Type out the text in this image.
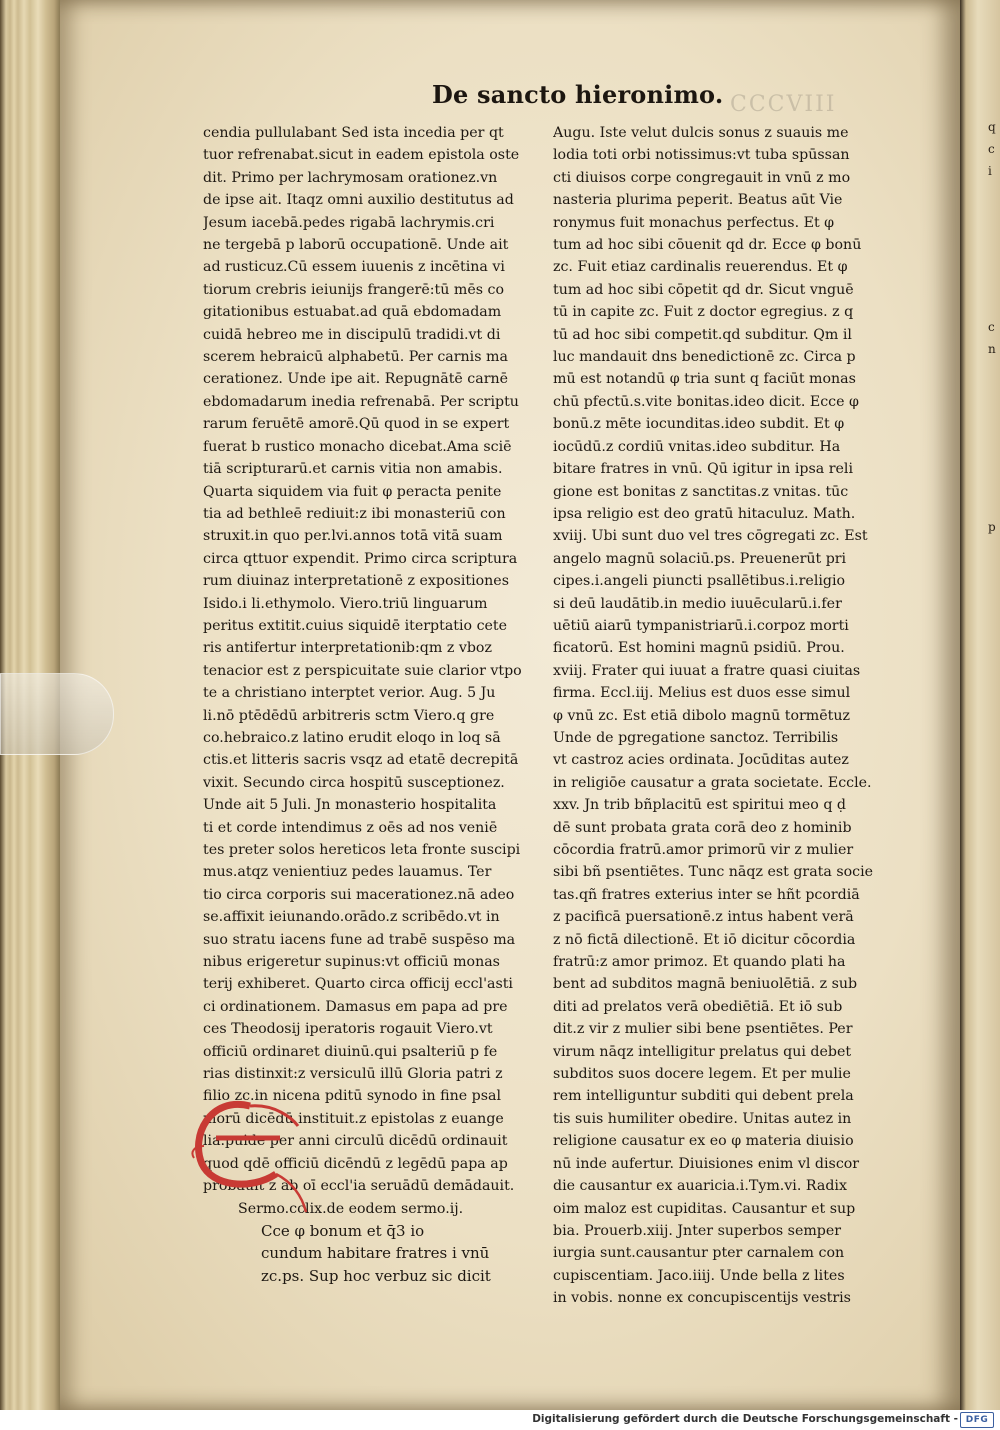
q
c
i
c
n
p
CCCVIII
De sancto hieronimo.
cendia pullulabant Sed ista incedia per qt
tuor refrenabat.sicut in eadem epistola oste
dit. Primo per lachrymosam orationez.vn
de ipse ait. Itaqz omni auxilio destitutus ad
Jesum iacebā.pedes rigabā lachrymis.cri
ne tergebā p laborū occupationē. Unde ait
ad rusticuz.Cū essem iuuenis z incētina vi
tiorum crebris ieiunijs frangerē:tū mēs co
gitationibus estuabat.ad quā ebdomadam
cuidā hebreo me in discipulū tradidi.vt di
scerem hebraicū alphabetū. Per carnis ma
cerationez. Unde ipe ait. Repugnātē carnē
ebdomadarum inedia refrenabā. Per scriptu
rarum feruētē amorē.Qū quod in se expert
fuerat b rustico monacho dicebat.Ama sciē
tiā scripturarū.et carnis vitia non amabis.
Quarta siquidem via fuit φ peracta penite
tia ad bethleē rediuit:z ibi monasteriū con
struxit.in quo per.lvi.annos totā vitā suam
circa qttuor expendit. Primo circa scriptura
rum diuinaz interpretationē z expositiones
Isido.i li.ethymolo. Viero.triū linguarum
peritus extitit.cuius siquidē iterptatio cete
ris antifertur interpretationib:qm z vboz
tenacior est z perspicuitate suie clarior vtpo
te a christiano interptet verior. Aug. 5 Ju
li.nō ptēdēdū arbitreris sctm Viero.q gre
co.hebraico.z latino erudit eloqo in loq sā
ctis.et litteris sacris vsqz ad etatē decrepitā
vixit. Secundo circa hospitū susceptionez.
Unde ait 5 Juli. Jn monasterio hospitalita
ti et corde intendimus z oēs ad nos veniē
tes preter solos hereticos leta fronte suscipi
mus.atqz venientiuz pedes lauamus. Ter
tio circa corporis sui macerationez.nā adeo
se.affixit ieiunando.orādo.z scribēdo.vt in
suo stratu iacens fune ad trabē suspēso ma
nibus erigeretur supinus:vt officiū monas
terij exhiberet. Quarto circa officij eccl'asti
ci ordinationem. Damasus em papa ad pre
ces Theodosij iperatoris rogauit Viero.vt
officiū ordinaret diuinū.qui psalteriū p fe
rias distinxit:z versiculū illū Gloria patri z
filio zc.in nicena pditū synodo in fine psal
morū dicēdū instituit.z epistolas z euange
lia.puide per anni circulū dicēdū ordinauit
quod qdē officiū dicēndū z legēdū papa ap
probauit z ab oī eccl'ia seruādū demādauit.
Sermo.cclix.de eodem sermo.ij.
Cce φ bonum et q̄3 io
cundum habitare fratres i vnū
zc.ps. Sup hoc verbuz sic dicit
Augu. Iste velut dulcis sonus z suauis me
lodia toti orbi notissimus:vt tuba spūssan
cti diuisos corpe congregauit in vnū z mo
nasteria plurima peperit. Beatus aūt Vie
ronymus fuit monachus perfectus. Et φ
tum ad hoc sibi cōuenit qd dr. Ecce φ bonū
zc. Fuit etiaz cardinalis reuerendus. Et φ
tum ad hoc sibi cōpetit qd dr. Sicut vnguē
tū in capite zc. Fuit z doctor egregius. z q
tū ad hoc sibi competit.qd subditur. Qm il
luc mandauit dns benedictionē zc. Circa p
mū est notandū φ tria sunt q faciūt monas
chū pfectū.s.vite bonitas.ideo dicit. Ecce φ
bonū.z mēte iocunditas.ideo subdit. Et φ
iocūdū.z cordiū vnitas.ideo subditur. Ha
bitare fratres in vnū. Qū igitur in ipsa reli
gione est bonitas z sanctitas.z vnitas. tūc
ipsa religio est deo gratū hitaculuz. Math.
xviij. Ubi sunt duo vel tres cōgregati zc. Est
angelo magnū solaciū.ps. Preuenerūt pri
cipes.i.angeli piuncti psallētibus.i.religio
si deū laudātib.in medio iuuēcularū.i.fer
uētiū aiarū tympanistriarū.i.corpoz morti
ficatorū. Est homini magnū psidiū. Prou.
xviij. Frater qui iuuat a fratre quasi ciuitas
firma. Eccl.iij. Melius est duos esse simul
φ vnū zc. Est etiā dibolo magnū tormētuz
Unde de pgregatione sanctoz. Terribilis
vt castroz acies ordinata. Jocūditas autez
in religiōe causatur a grata societate. Eccle.
xxv. Jn trib bñplacitū est spiritui meo q ḍ
dē sunt probata grata corā deo z hominib
cōcordia fratrū.amor primorū vir z mulier
sibi bñ psentiētes. Tunc nāqz est grata socie
tas.qñ fratres exterius inter se hñt pcordiā
z pacificā puersationē.z intus habent verā
z nō fictā dilectionē. Et iō dicitur cōcordia
fratrū:z amor primoz. Et quando plati ha
bent ad subditos magnā beniuolētiā. z sub
diti ad prelatos verā obediētiā. Et iō sub
dit.z vir z mulier sibi bene psentiētes. Per
virum nāqz intelligitur prelatus qui debet
subditos suos docere legem. Et per mulie
rem intelliguntur subditi qui debent prela
tis suis humiliter obedire. Unitas autez in
religione causatur ex eo φ materia diuisio
nū inde aufertur. Diuisiones enim vl discor
die causantur ex auaricia.i.Tym.vi. Radix
oim maloz est cupiditas. Causantur et sup
bia. Prouerb.xiij. Jnter superbos semper
iurgia sunt.causantur pter carnalem con
cupiscentiam. Jaco.iiij. Unde bella z lites
in vobis. nonne ex concupiscentijs vestris
Digitalisierung gefördert durch die Deutsche Forschungsgemeinschaft - DFG
